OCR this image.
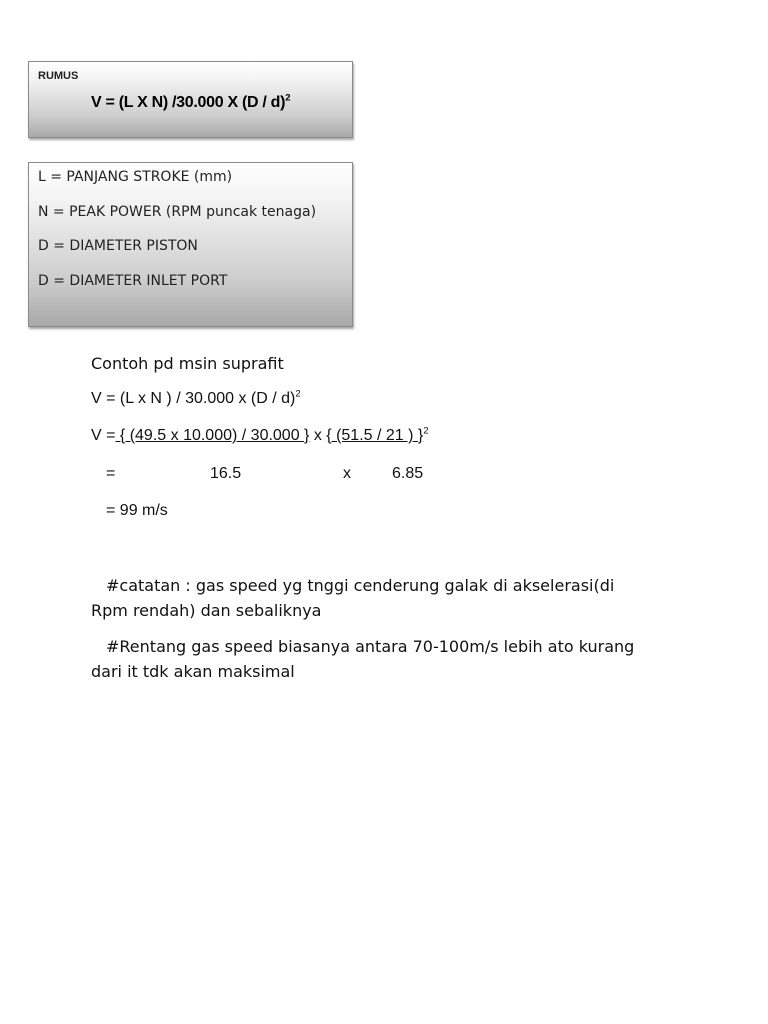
RUMUS
V = (L X N) /30.000 X (D / d)$^2$
L = PANJANG STROKE (mm)
N = PEAK POWER (RPM puncak tenaga)
D = DIAMETER PISTON
D = DIAMETER INLET PORT
Contoh pd msin suprafit
V = (L x N ) / 30.000 x (D / d)$^2$
V = { (49.5 x 10.000) / 30.000 } x { (51.5 / 21 ) }$^2$
=	16.5	x	6.85
= 99 m/s
#catatan : gas speed yg tnggi cenderung galak di akselerasi(di
Rpm rendah) dan sebaliknya
#Rentang gas speed biasanya antara 70-100m/s lebih ato kurang
dari it tdk akan maksimal
